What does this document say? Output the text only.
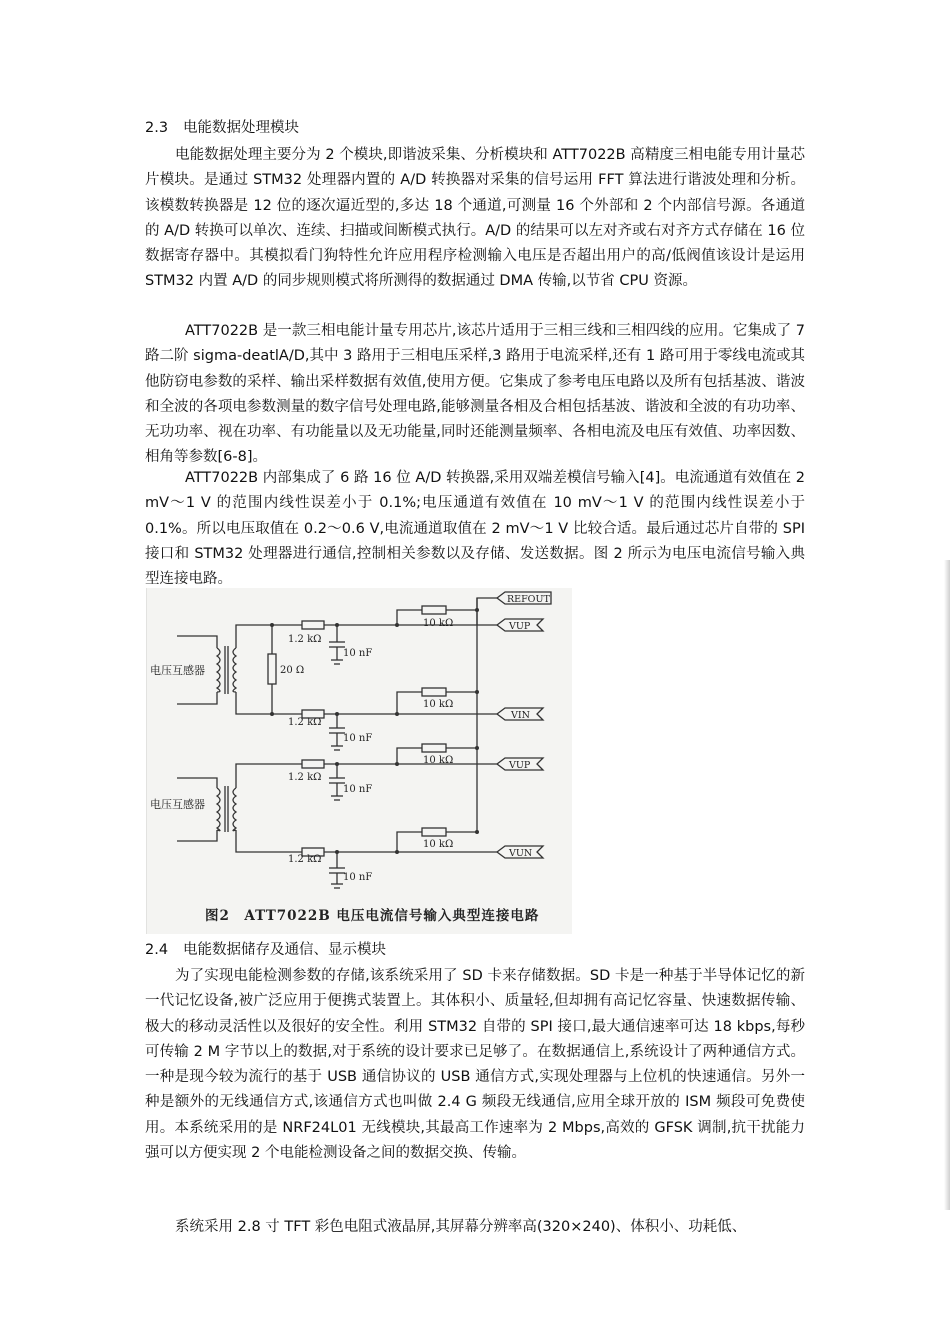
2.3 电能数据处理模块

电能数据处理主要分为 2 个模块,即谐波采集、分析模块和 ATT7022B 高精度三相电能专用计量芯片模块。是通过 STM32 处理器内置的 A/D 转换器对采集的信号运用 FFT 算法进行谐波处理和分析。该模数转换器是 12 位的逐次逼近型的,多达 18 个通道,可测量 16 个外部和 2 个内部信号源。各通道的 A/D 转换可以单次、连续、扫描或间断模式执行。A/D 的结果可以左对齐或右对齐方式存储在 16 位数据寄存器中。其模拟看门狗特性允许应用程序检测输入电压是否超出用户的高/低阀值该设计是运用 STM32 内置 A/D 的同步规则模式将所测得的数据通过 DMA 传输,以节省 CPU 资源。

ATT7022B 是一款三相电能计量专用芯片,该芯片适用于三相三线和三相四线的应用。它集成了 7 路二阶 sigma-deatlA/D,其中 3 路用于三相电压采样,3 路用于电流采样,还有 1 路可用于零线电流或其他防窃电参数的采样、输出采样数据有效值,使用方便。它集成了参考电压电路以及所有包括基波、谐波和全波的各项电参数测量的数字信号处理电路,能够测量各相及合相包括基波、谐波和全波的有功功率、无功功率、视在功率、有功能量以及无功能量,同时还能测量频率、各相电流及电压有效值、功率因数、相角等参数[6-8]。

ATT7022B 内部集成了 6 路 16 位 A/D 转换器,采用双端差模信号输入[4]。电流通道有效值在 2 mV～1 V 的范围内线性误差小于 0.1%;电压通道有效值在 10 mV～1 V 的范围内线性误差小于 0.1%。所以电压取值在 0.2～0.6 V,电流通道取值在 2 mV～1 V 比较合适。最后通过芯片自带的 SPI 接口和 STM32 处理器进行通信,控制相关参数以及存储、发送数据。图 2 所示为电压电流信号输入典型连接电路。

电压互感器
电压互感器
20 Ω
1.2 kΩ
1.2 kΩ
1.2 kΩ
1.2 kΩ
10 nF
10 nF
10 nF
10 nF
10 kΩ
10 kΩ
10 kΩ
10 kΩ
REFOUT
VUP
VIN
VUP
VUN
图2　ATT7022B 电压电流信号输入典型连接电路
2.4 电能数据储存及通信、显示模块

为了实现电能检测参数的存储,该系统采用了 SD 卡来存储数据。SD 卡是一种基于半导体记忆的新一代记忆设备,被广泛应用于便携式装置上。其体积小、质量轻,但却拥有高记忆容量、快速数据传输、极大的移动灵活性以及很好的安全性。利用 STM32 自带的 SPI 接口,最大通信速率可达 18 kbps,每秒可传输 2 M 字节以上的数据,对于系统的设计要求已足够了。在数据通信上,系统设计了两种通信方式。一种是现今较为流行的基于 USB 通信协议的 USB 通信方式,实现处理器与上位机的快速通信。另外一种是额外的无线通信方式,该通信方式也叫做 2.4 G 频段无线通信,应用全球开放的 ISM 频段可免费使用。本系统采用的是 NRF24L01 无线模块,其最高工作速率为 2 Mbps,高效的 GFSK 调制,抗干扰能力强可以方便实现 2 个电能检测设备之间的数据交换、传输。

系统采用 2.8 寸 TFT 彩色电阻式液晶屏,其屏幕分辨率高(320×240)、体积小、功耗低、
